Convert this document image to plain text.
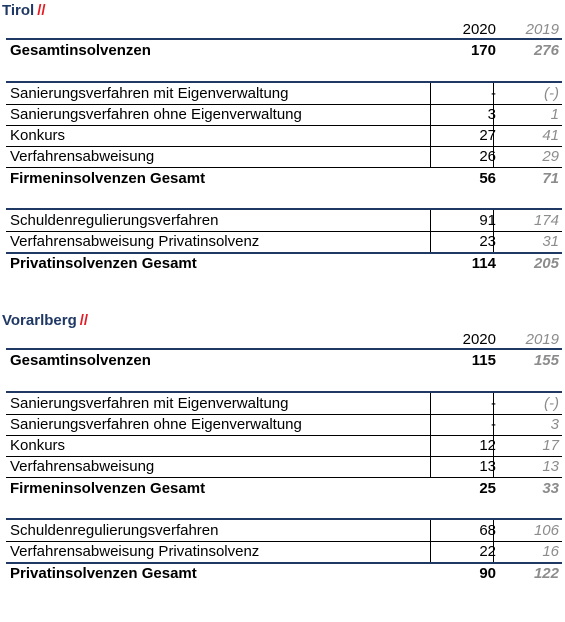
Tirol //
2020 2019
Gesamtinsolvenzen	170	276
Sanierungsverfahren mit Eigenverwaltung	-	(-)
Sanierungsverfahren ohne Eigenverwaltung	3	1
Konkurs	27	41
Verfahrensabweisung	26	29
Firmeninsolvenzen Gesamt	56	71
Schuldenregulierungsverfahren	91	174
Verfahrensabweisung Privatinsolvenz	23	31
Privatinsolvenzen Gesamt	114	205
Vorarlberg //
2020 2019
Gesamtinsolvenzen	115	155
Sanierungsverfahren mit Eigenverwaltung	-	(-)
Sanierungsverfahren ohne Eigenverwaltung	-	3
Konkurs	12	17
Verfahrensabweisung	13	13
Firmeninsolvenzen Gesamt	25	33
Schuldenregulierungsverfahren	68	106
Verfahrensabweisung Privatinsolvenz	22	16
Privatinsolvenzen Gesamt	90	122
